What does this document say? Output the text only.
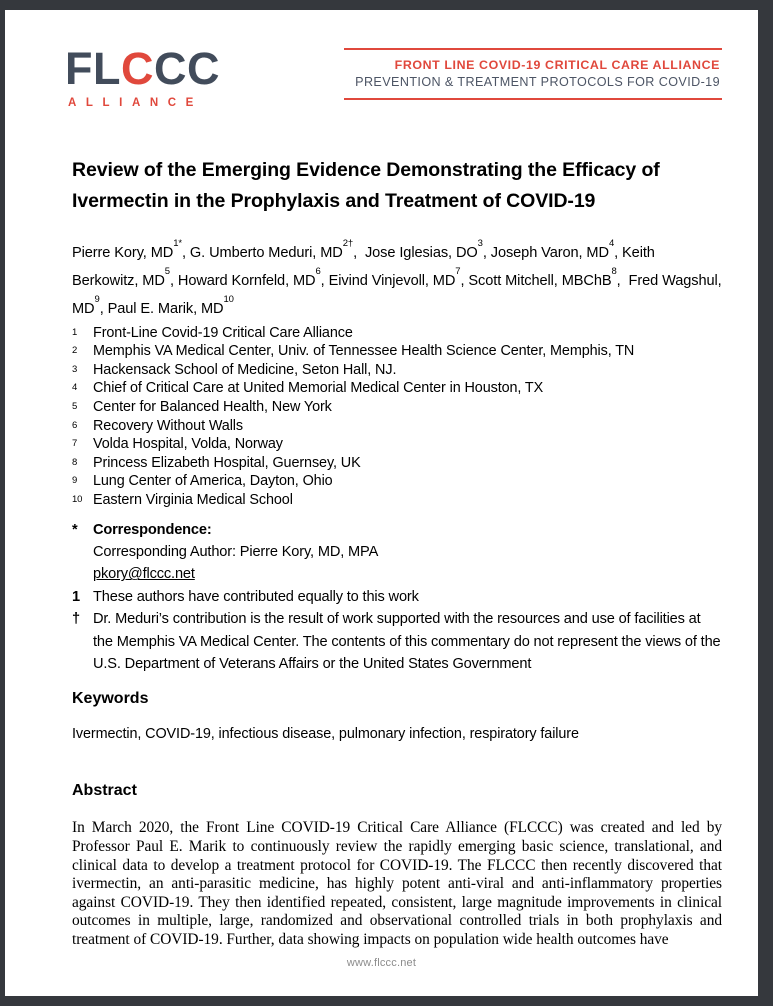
FLCCC
ALLIANCE
FRONT LINE COVID-19 CRITICAL CARE ALLIANCE
PREVENTION & TREATMENT PROTOCOLS FOR COVID-19
Review of the Emerging Evidence Demonstrating the Efficacy of Ivermectin in the Prophylaxis and Treatment of COVID-19

Pierre Kory, $MD^{1*}$, G. Umberto Meduri, $MD^{2\dagger}$,  Jose Iglesias, $DO^3$, Joseph Varon, $MD^4$, Keith Berkowitz, $MD^5$, Howard Kornfeld, $MD^6$, Eivind Vinjevoll, $MD^7$, Scott Mitchell, MBChB$^8$,  Fred Wagshul, $MD^9$, Paul E. Marik, MD$^{10}$

1	Front-Line Covid-19 Critical Care Alliance
2	Memphis VA Medical Center, Univ. of Tennessee Health Science Center, Memphis, TN
3	Hackensack School of Medicine, Seton Hall, NJ.
4	Chief of Critical Care at United Memorial Medical Center in Houston, TX
5	Center for Balanced Health, New York
6	Recovery Without Walls
7	Volda Hospital, Volda, Norway
8	Princess Elizabeth Hospital, Guernsey, UK
9	Lung Center of America, Dayton, Ohio
10 Eastern Virginia Medical School
*	Correspondence:
Corresponding Author: Pierre Kory, MD, MPA
pkory@flccc.net
1 These authors have contributed equally to this work
† Dr. Meduri’s contribution is the result of work supported with the resources and use of facilities at the Memphis VA Medical Center. The contents of this commentary do not represent the views of the U.S. Department of Veterans Affairs or the United States Government
Keywords

Ivermectin, COVID-19, infectious disease, pulmonary infection, respiratory failure

Abstract

In March 2020, the Front Line COVID-19 Critical Care Alliance (FLCCC) was created and led by Professor Paul E. Marik to continuously review the rapidly emerging basic science, translational, and clinical data to develop a treatment protocol for COVID-19. The FLCCC then recently discovered that ivermectin, an anti-parasitic medicine, has highly potent anti-viral and anti-inflammatory properties against COVID-19. They then identified repeated, consistent, large magnitude improvements in clinical outcomes in multiple, large, randomized and observational controlled trials in both prophylaxis and treatment of COVID-19. Further, data showing impacts on population wide health outcomes have

www.flccc.net
